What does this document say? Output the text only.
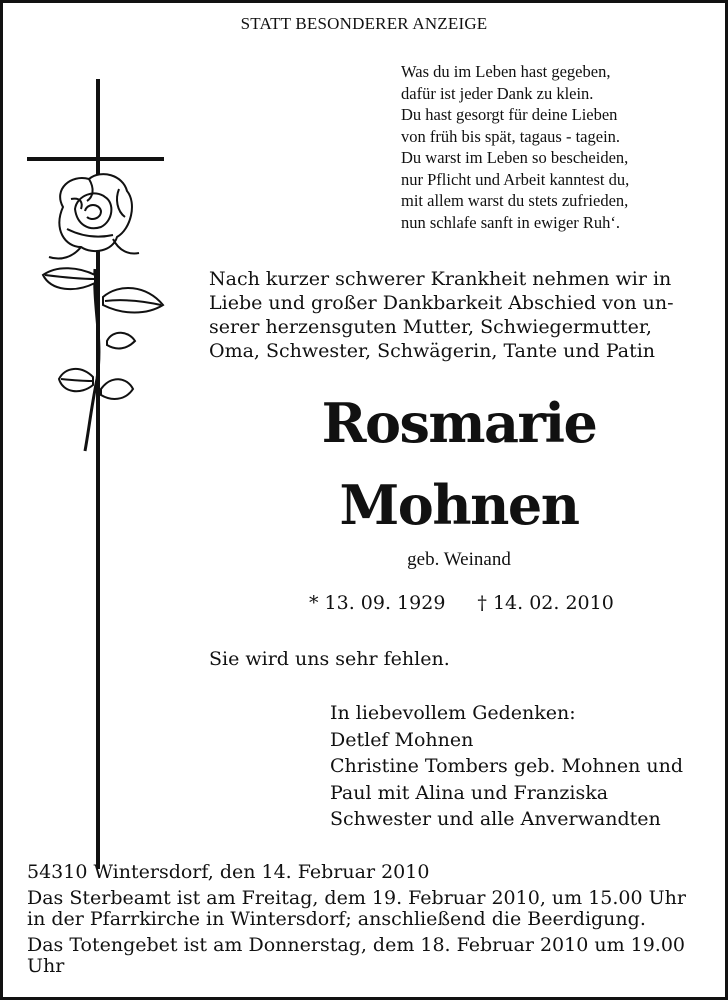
STATT BESONDERER ANZEIGE
Was du im Leben hast gegeben,
dafür ist jeder Dank zu klein.
Du hast gesorgt für deine Lieben
von früh bis spät, tagaus - tagein.
Du warst im Leben so bescheiden,
nur Pflicht und Arbeit kanntest du,
mit allem warst du stets zufrieden,
nun schlafe sanft in ewiger Ruh‘.
Nach kurzer schwerer Krankheit nehmen wir in
Liebe und großer Dankbarkeit Abschied von un-
serer herzensguten Mutter, Schwiegermutter,
Oma, Schwester, Schwägerin, Tante und Patin
Rosmarie
Mohnen
geb. Weinand
* 13. 09. 1929 † 14. 02. 2010
Sie wird uns sehr fehlen.
In liebevollem Gedenken:
Detlef Mohnen
Christine Tombers geb. Mohnen und
Paul mit Alina und Franziska
Schwester und alle Anverwandten
54310 Wintersdorf, den 14. Februar 2010
Das Sterbeamt ist am Freitag, dem 19. Februar 2010, um 15.00 Uhr
in der Pfarrkirche in Wintersdorf; anschließend die Beerdigung.
Das Totengebet ist am Donnerstag, dem 18. Februar 2010 um 19.00
Uhr
